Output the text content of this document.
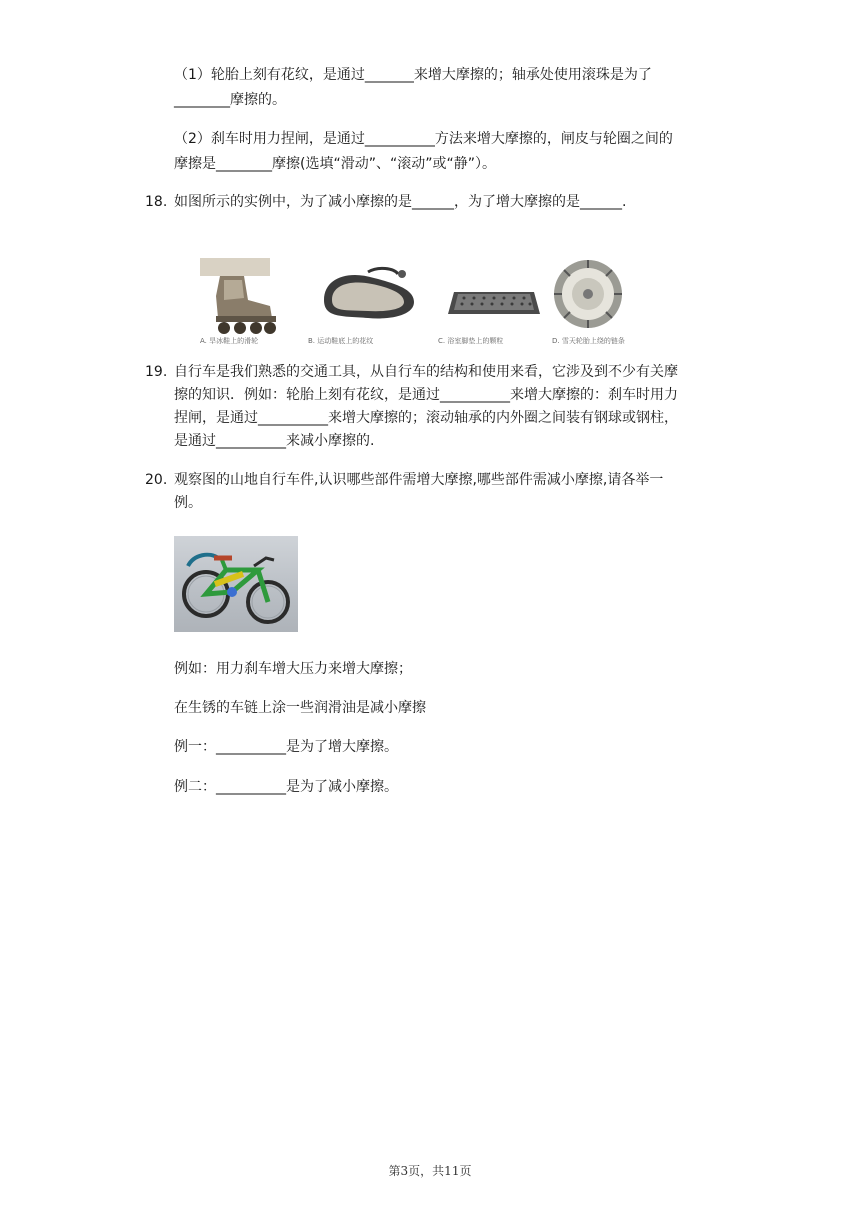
（1）轮胎上刻有花纹，是通过_______来增大摩擦的；轴承处使用滚珠是为了
________摩擦的。
（2）刹车时用力捏闸，是通过__________方法来增大摩擦的，闸皮与轮圈之间的
摩擦是________摩擦(选填“滑动”、“滚动”或“静”）。
18. 如图所示的实例中，为了减小摩擦的是______，为了增大摩擦的是______.
A. 旱冰鞋上的滑轮	B. 运动鞋底上的花纹	C. 浴室脚垫上的颗粒	D. 雪天轮胎上绕的链条
19. 自行车是我们熟悉的交通工具，从自行车的结构和使用来看，它涉及到不少有关摩
擦的知识．例如：轮胎上刻有花纹，是通过__________来增大摩擦的：刹车时用力
捏闸，是通过__________来增大摩擦的；滚动轴承的内外圈之间装有钢球或钢柱，
是通过__________来减小摩擦的.
20. 观察图的山地自行车件,认识哪些部件需增大摩擦,哪些部件需减小摩擦,请各举一
例。
例如：用力刹车增大压力来增大摩擦；
在生锈的车链上涂一些润滑油是减小摩擦
例一：__________是为了增大摩擦。
例二：__________是为了减小摩擦。
第3页，共11页
